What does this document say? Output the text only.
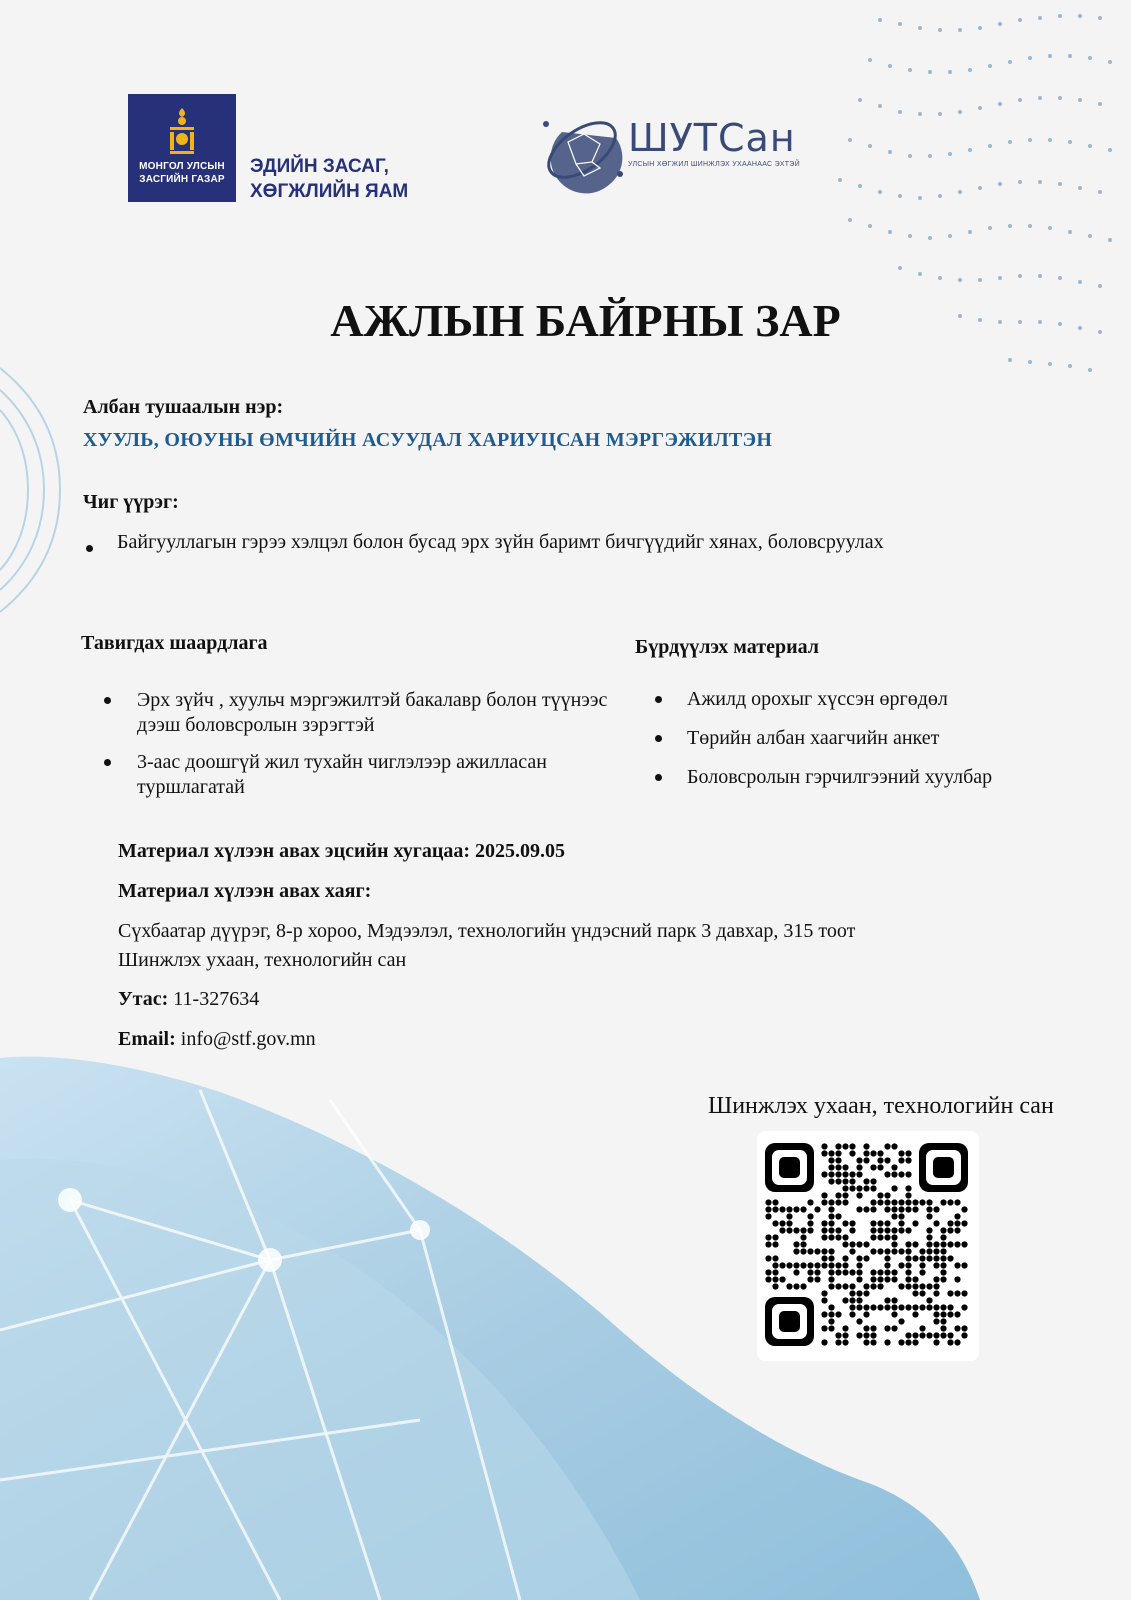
МОНГОЛ УЛСЫН
ЗАСГИЙН ГАЗАР
ЭДИЙН ЗАСАГ,
ХӨГЖЛИЙН ЯАМ
ШУТСан
УЛСЫН ХӨГЖИЛ ШИНЖЛЭХ УХААНААС ЭХТЭЙ
АЖЛЫН БАЙРНЫ ЗАР
Албан тушаалын нэр:
ХУУЛЬ, ОЮУНЫ ӨМЧИЙН АСУУДАЛ ХАРИУЦСАН МЭРГЭЖИЛТЭН
Чиг үүрэг:
Байгууллагын гэрээ хэлцэл болон бусад эрх зүйн баримт бичгүүдийг хянах, боловсруулах
Тавигдах шаардлага
Эрх зүйч , хуульч мэргэжилтэй бакалавр болон түүнээс дээш боловсролын зэрэгтэй
3-аас доошгүй жил тухайн чиглэлээр ажилласан туршлагатай
Бүрдүүлэх материал
Ажилд орохыг хүссэн өргөдөл
Төрийн албан хаагчийн анкет
Боловсролын гэрчилгээний хуулбар
Материал хүлээн авах эцсийн хугацаа: 2025.09.05
Материал хүлээн авах хаяг:
Сүхбаатар дүүрэг, 8-р хороо, Мэдээлэл, технологийн үндэсний парк 3 давхар, 315 тоот
Шинжлэх ухаан, технологийн сан
Утас: 11-327634
Email: info@stf.gov.mn
Шинжлэх ухаан, технологийн сан
